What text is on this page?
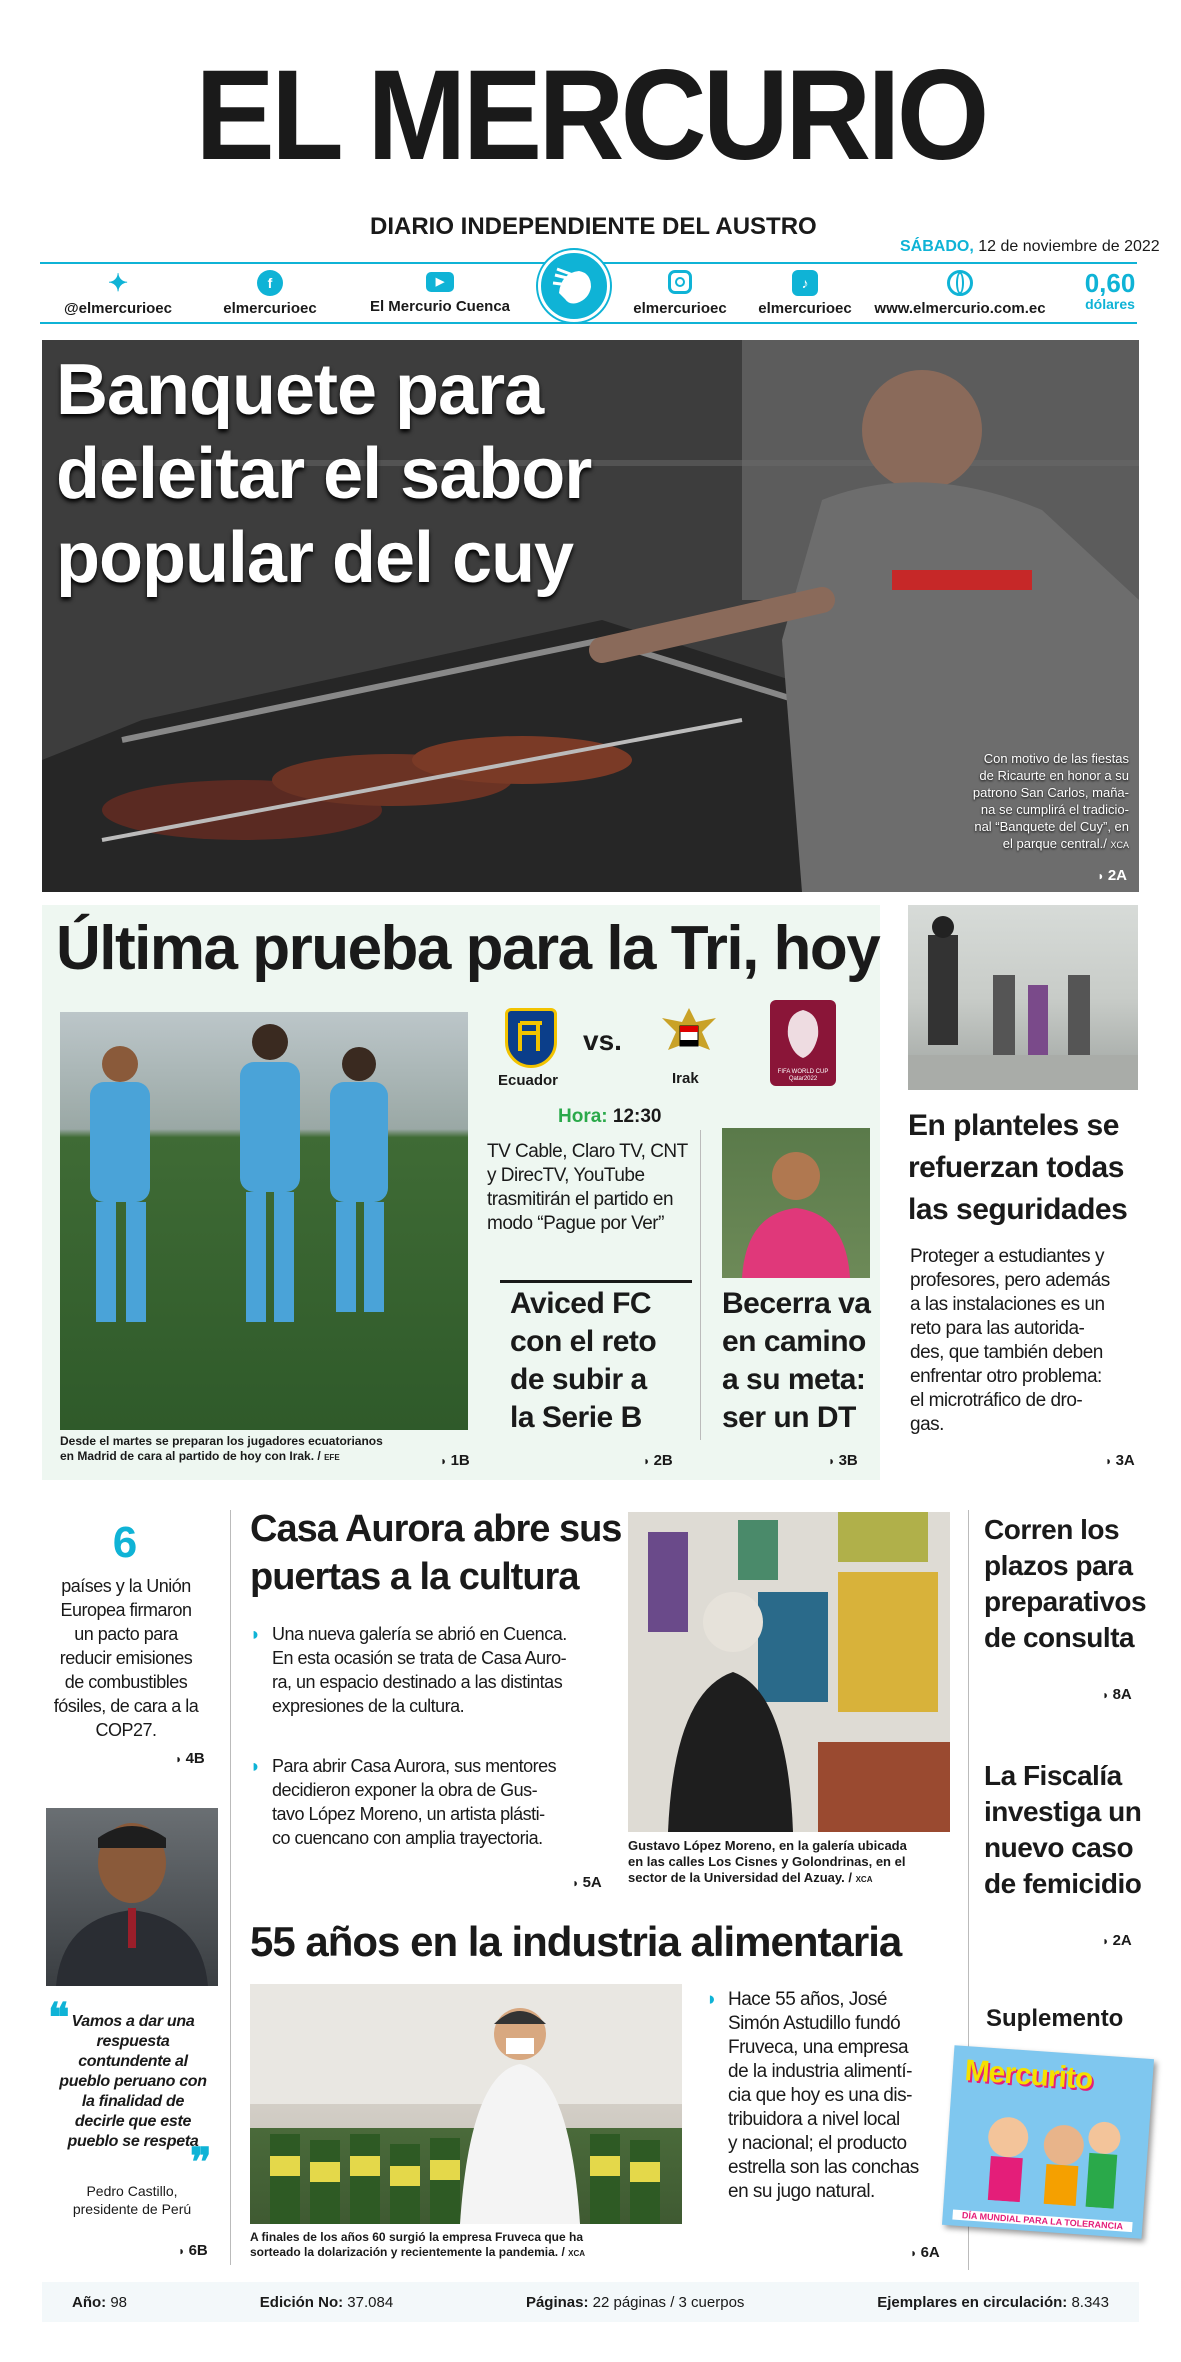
EL MERCURIO
DIARIO INDEPENDIENTE DEL AUSTRO
SÁBADO, 12 de noviembre de 2022
✦
@elmercurioec
f
elmercurioec
▶
El Mercurio Cuenca	elmercurioec
♪
elmercurioec	www.elmercurio.com.ec
0,60
dólares
Banquete para
deleitar el sabor
popular del cuy
Con motivo de las fiestas
de Ricaurte en honor a su
patrono San Carlos, maña-
na se cumplirá el tradicio-
nal “Banquete del Cuy”, en
el parque central./ XCA
◗ 2A
Última prueba para la Tri, hoy
Desde el martes se preparan los jugadores ecuatorianos
en Madrid de cara al partido de hoy con Irak. / EFE
◗	1B
Ecuador
vs.
Irak	FIFA WORLD CUP Qatar2022
Hora: 12:30
TV Cable, Claro TV, CNT
y DirecTV, YouTube
trasmitirán el partido en
modo “Pague por Ver”
Aviced FC
con el reto
de subir a
la Serie B
◗ 2B
Becerra va
en camino
a su meta:
ser un DT
◗ 3B
En planteles se
refuerzan todas
las seguridades
Proteger a estudiantes y
profesores, pero además
a las instalaciones es un
reto para las autorida-
des, que también deben
enfrentar otro problema:
el microtráfico de dro-
gas.
◗ 3A
6
países y la Unión
Europea firmaron
un pacto para
reducir emisiones
de combustibles
fósiles, de cara a la
COP27.
◗ 4B
❝ Vamos a dar una
respuesta
contundente al
pueblo peruano con
la finalidad de
decirle que este
pueblo se respeta
❞
Pedro Castillo,
presidente de Perú
◗ 6B
Casa Aurora abre sus
puertas a la cultura
◗ Una nueva galería se abrió en Cuenca.
En esta ocasión se trata de Casa Auro-
ra, un espacio destinado a las distintas
expresiones de la cultura.
◗ Para abrir Casa Aurora, sus mentores
decidieron exponer la obra de Gus-
tavo López Moreno, un artista plásti-
co cuencano con amplia trayectoria.
◗ 5A
Gustavo López Moreno, en la galería ubicada
en las calles Los Cisnes y Golondrinas, en el
sector de la Universidad del Azuay. / XCA
Corren los
plazos para
preparativos
de consulta
◗ 8A
La Fiscalía
investiga un
nuevo caso
de femicidio
◗ 2A
Suplemento
Mercurito
DÍA MUNDIAL PARA LA TOLERANCIA
55 años en la industria alimentaria
A finales de los años 60 surgió la empresa Fruveca que ha
sorteado la dolarización y recientemente la pandemia. / XCA
◗ Hace 55 años, José
Simón Astudillo fundó
Fruveca, una empresa
de la industria alimentí-
cia que hoy es una dis-
tribuidora a nivel local
y nacional; el producto
estrella son las conchas
en su jugo natural.
◗ 6A
Año: 98	Edición No: 37.084	Páginas: 22 páginas / 3 cuerpos	Ejemplares en circulación: 8.343
